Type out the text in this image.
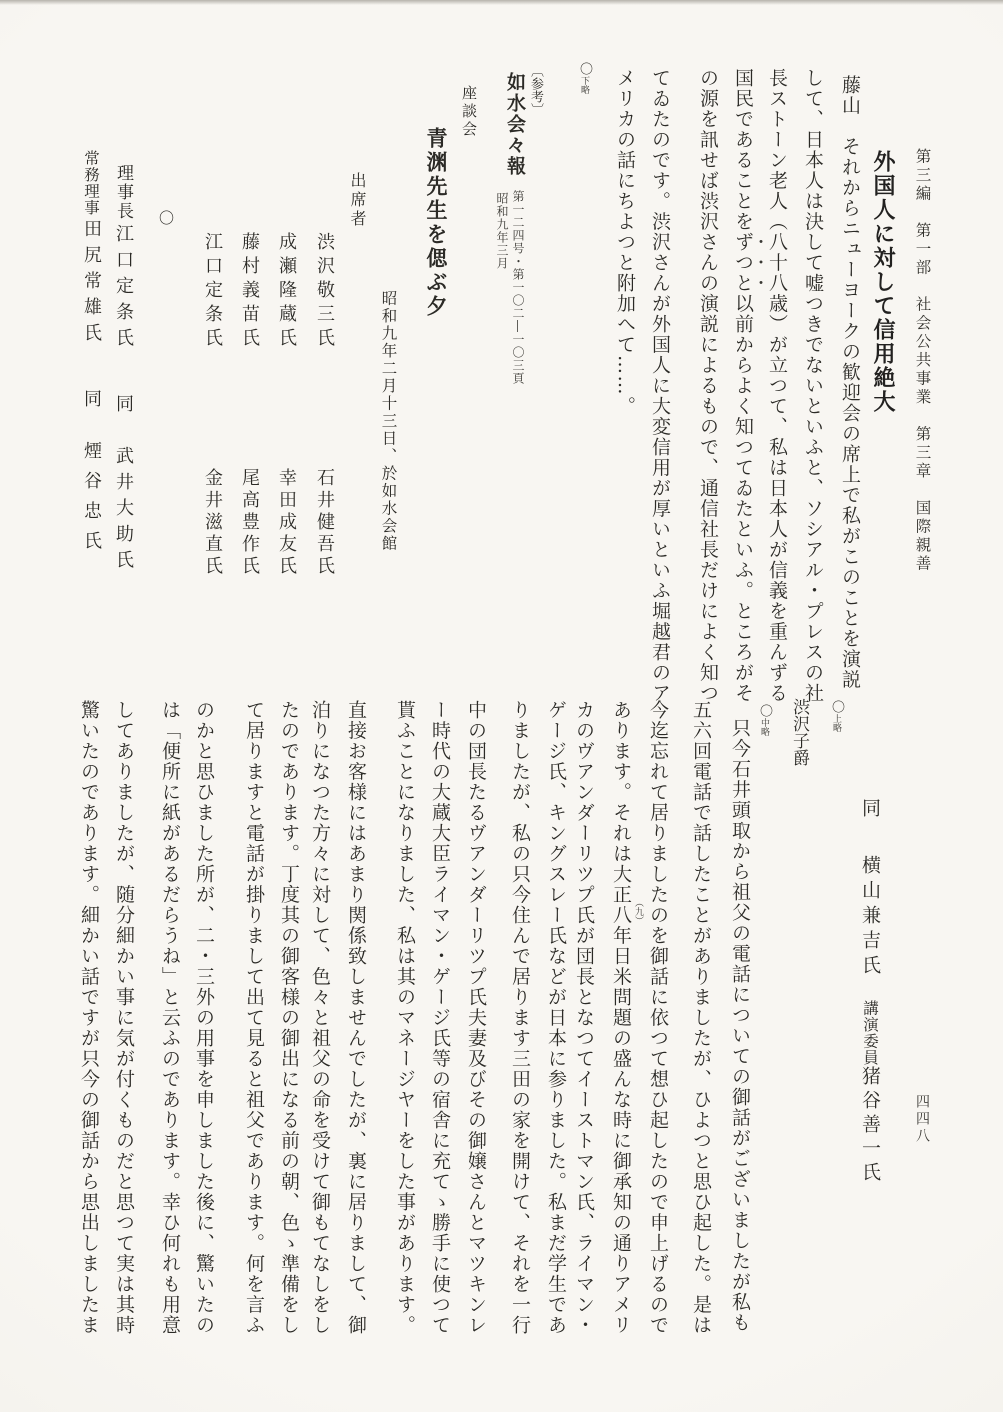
第三編　第一部　社会公共事業　第三章　国際親善
外国人に対して信用絶大
藤山　それからニューヨークの歓迎会の席上で私がこのことを演説
して、日本人は決して嘘つきでないといふと、ソシアル・プレスの社
長ストーン老人（八十八歳）が立つて、私は日本人が信義を重んずる
国民であることをずつと以前からよく知つてゐたといふ。ところがそ
の源を訊せば渋沢さんの演説によるもので、通信社長だけによく知つ
てゐたのです。渋沢さんが外国人に大変信用が厚いといふ堀越君のア
メリカの話にちよつと附加へて……。
〇下略
〔参考〕
如水会々報
第一二四号・第一〇二―一〇三頁
昭和九年三月
座談会
青渊先生を偲ぶ夕
昭和九年二月十三日、於如水会館
出席者
渋沢敬三氏
成瀬隆蔵氏
藤村義苗氏
江口定条氏
石井健吾氏
幸田成友氏
尾高豊作氏
金井滋直氏
〇
理事長江口定条氏同武井大助氏
常務理事田尻常雄氏同煙谷忠氏
四四八
同横山兼吉氏講演委員猪谷善一氏
〇上略
渋沢子爵
〇中略
只今石井頭取から祖父の電話についての御話がございましたが私も
五六回電話で話したことがありましたが、ひよつと思ひ起した。是は
今迄忘れて居りましたのを御話に依つて想ひ起したので申上げるので
あります。それは大正八 （九）
年日米問題の盛んな時に御承知の通りアメリ
カのヴアンダーリツプ氏が団長となつてイーストマン氏、ライマン・
ゲージ氏、キングスレー氏などが日本に参りました。私まだ学生であ
りましたが、私の只今住んで居ります三田の家を開けて、それを一行
中の団長たるヴアンダーリツプ氏夫妻及びその御嬢さんとマツキンレ
ー時代の大蔵大臣ライマン・ゲージ氏等の宿舎に充てゝ勝手に使つて
貰ふことになりました、私は其のマネージヤーをした事があります。
直接お客様にはあまり関係致しませんでしたが、裏に居りまして、御
泊りになつた方々に対して、色々と祖父の命を受けて御もてなしをし
たのであります。丁度其の御客様の御出になる前の朝、色ゝ準備をし
て居りますと電話が掛りまして出て見ると祖父であります。何を言ふ
のかと思ひました所が、二・三外の用事を申しました後に、驚いたの
は「便所に紙があるだらうね」と云ふのであります。幸ひ何れも用意
してありましたが、随分細かい事に気が付くものだと思つて実は其時
驚いたのであります。細かい話ですが只今の御話から思出しましたま
